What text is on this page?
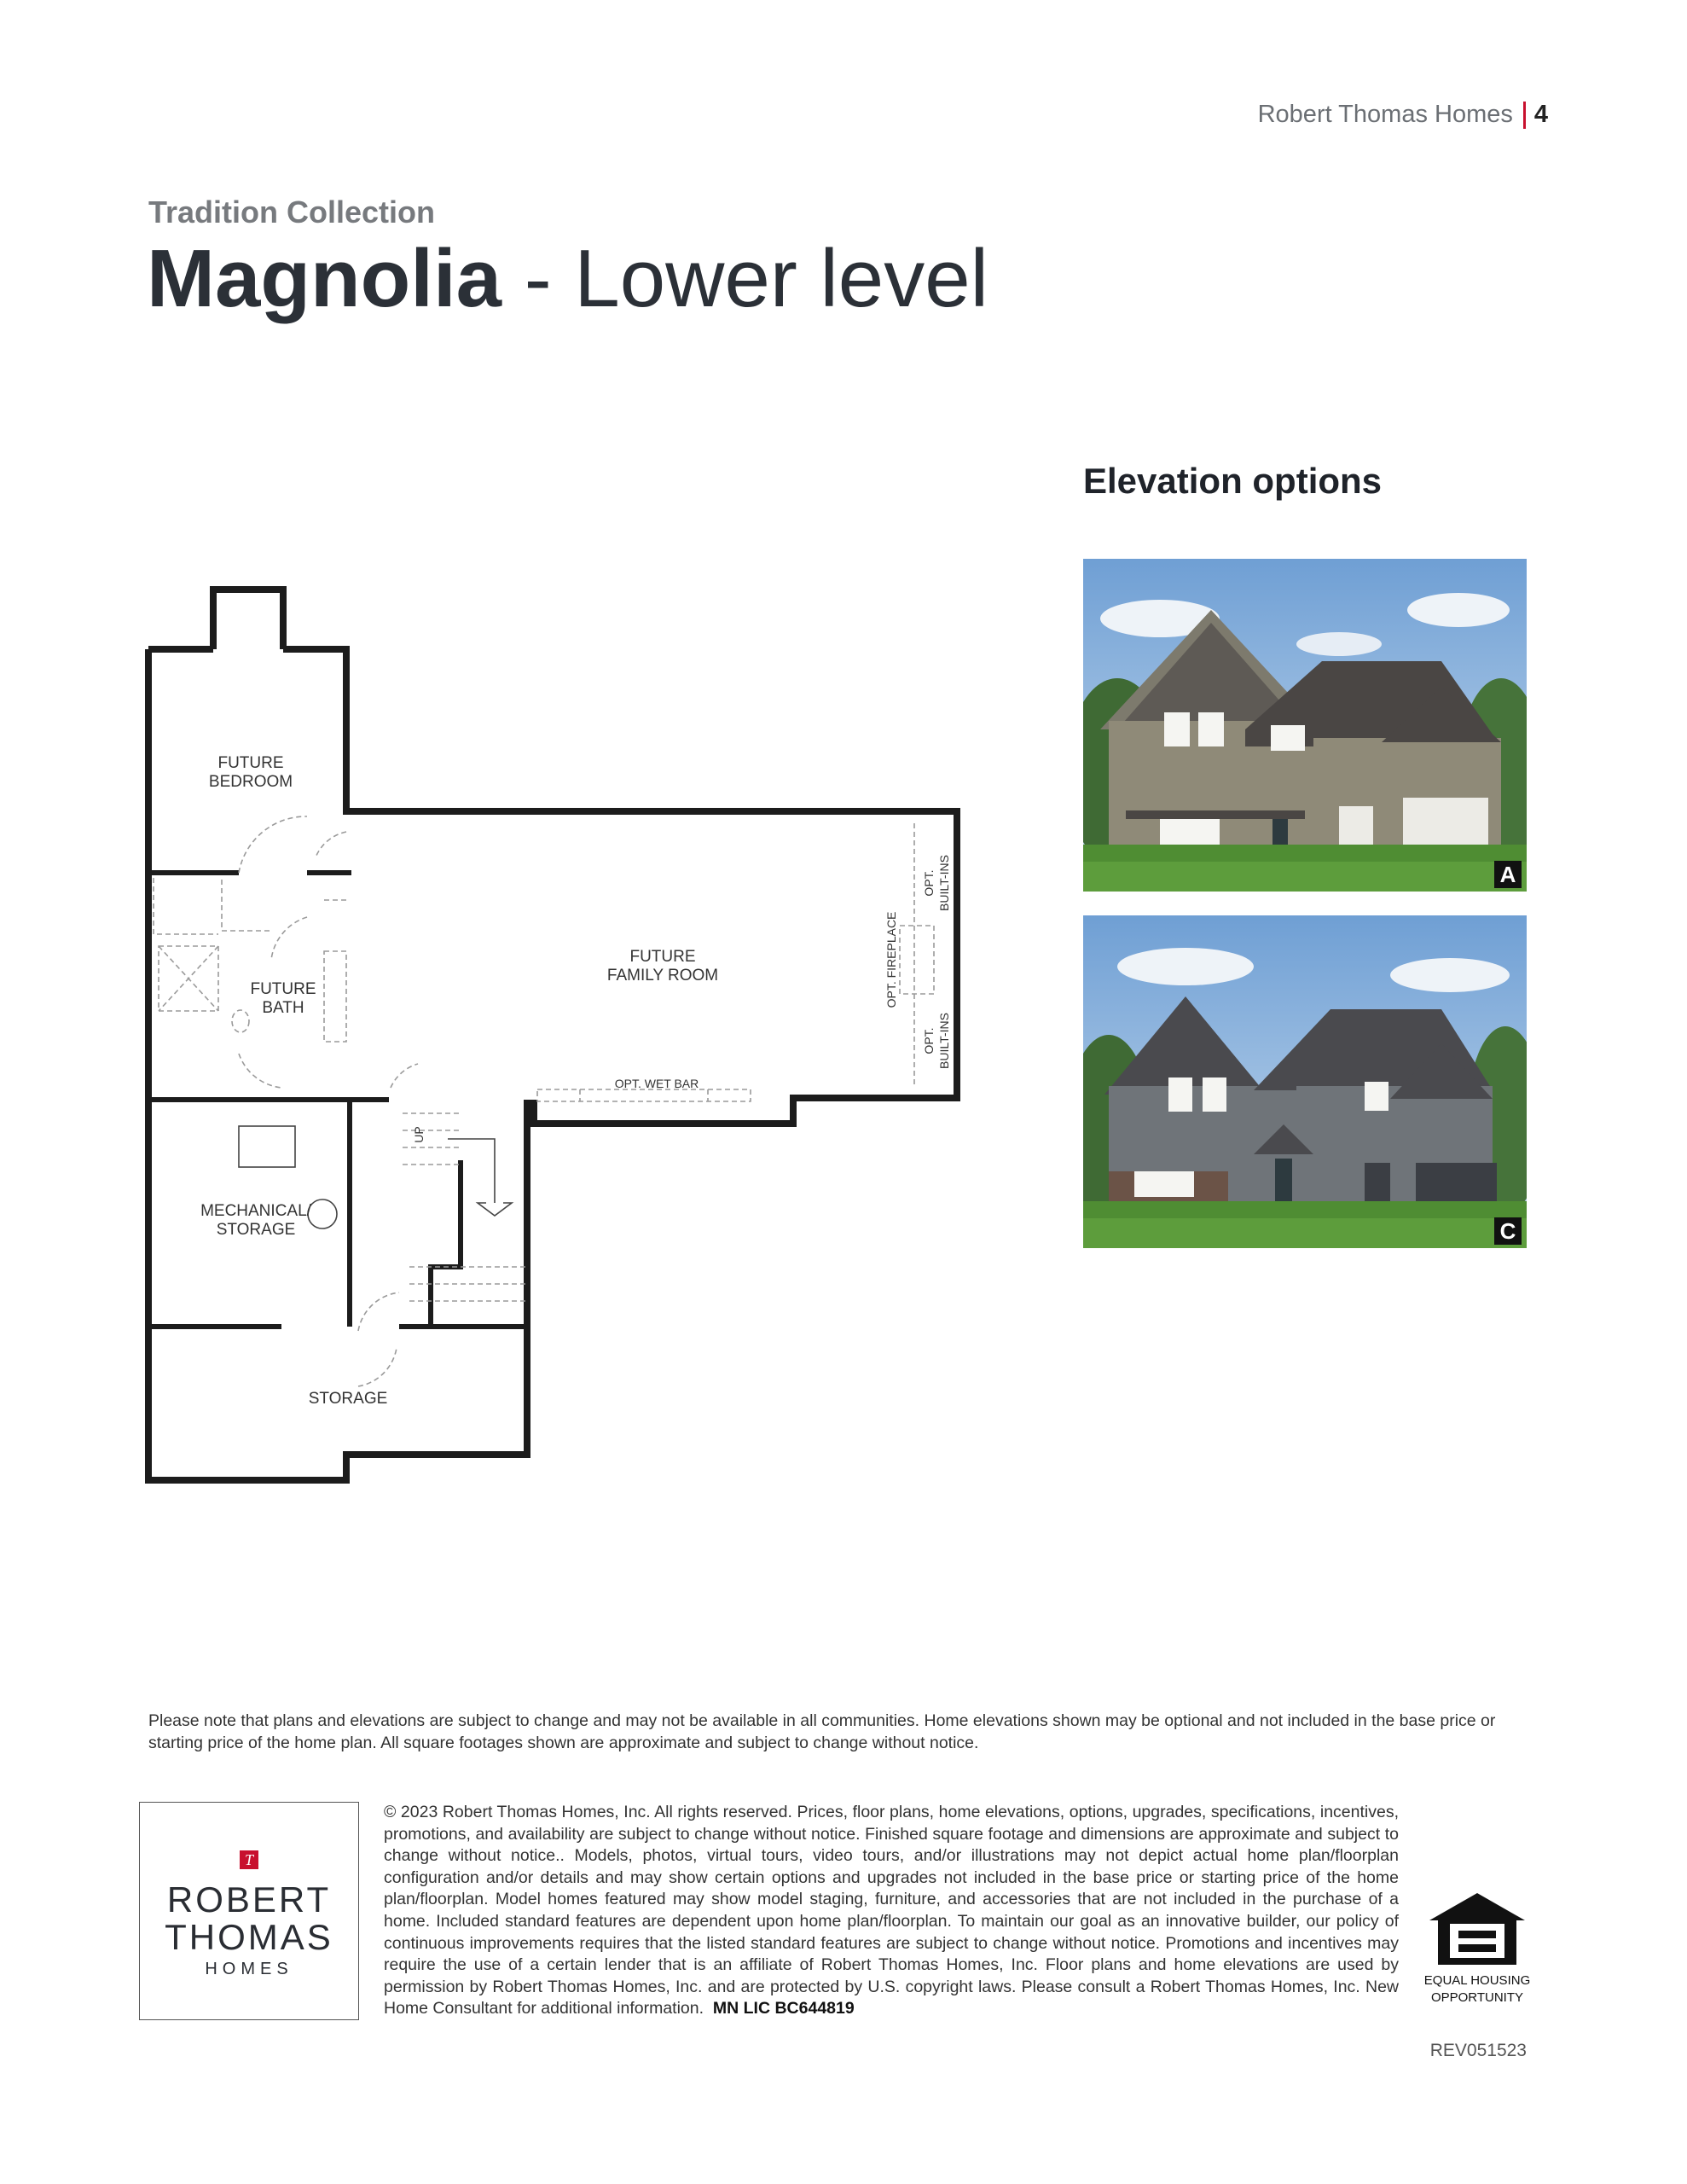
Robert Thomas Homes 4
Tradition Collection
Magnolia - Lower level
FUTURE
BEDROOM
FUTURE
FAMILY ROOM
FUTURE
BATH
MECHANICAL/
STORAGE
STORAGE
OPT. WET BAR
OPT. BUILT-INS
OPT. FIREPLACE
OPT. BUILT-INS
UP
Elevation options
A
C
Please note that plans and elevations are subject to change and may not be available in all communities. Home elevations shown may be optional and not included in the base price or starting price of the home plan. All square footages shown are approximate and subject to change without notice.
T
ROBERT
THOMAS
HOMES
© 2023 Robert Thomas Homes, Inc. All rights reserved. Prices, floor plans, home elevations, options, upgrades, specifications, incentives, promotions, and availability are subject to change without notice. Finished square footage and dimensions are approximate and subject to change without notice.. Models, photos, virtual tours, video tours, and/or illustrations may not depict actual home plan/floorplan configuration and/or details and may show certain options and upgrades not included in the base price or starting price of the home plan/floorplan. Model homes featured may show model staging, furniture, and accessories that are not included in the purchase of a home. Included standard features are dependent upon home plan/floorplan. To maintain our goal as an innovative builder, our policy of continuous improvements requires that the listed standard features are subject to change without notice. Promotions and incentives may require the use of a certain lender that is an affiliate of Robert Thomas Homes, Inc. Floor plans and home elevations are used by permission by Robert Thomas Homes, Inc. and are protected by U.S. copyright laws. Please consult a Robert Thomas Homes, Inc. New Home Consultant for additional information. MN LIC BC644819
EQUAL HOUSING
OPPORTUNITY
REV051523
